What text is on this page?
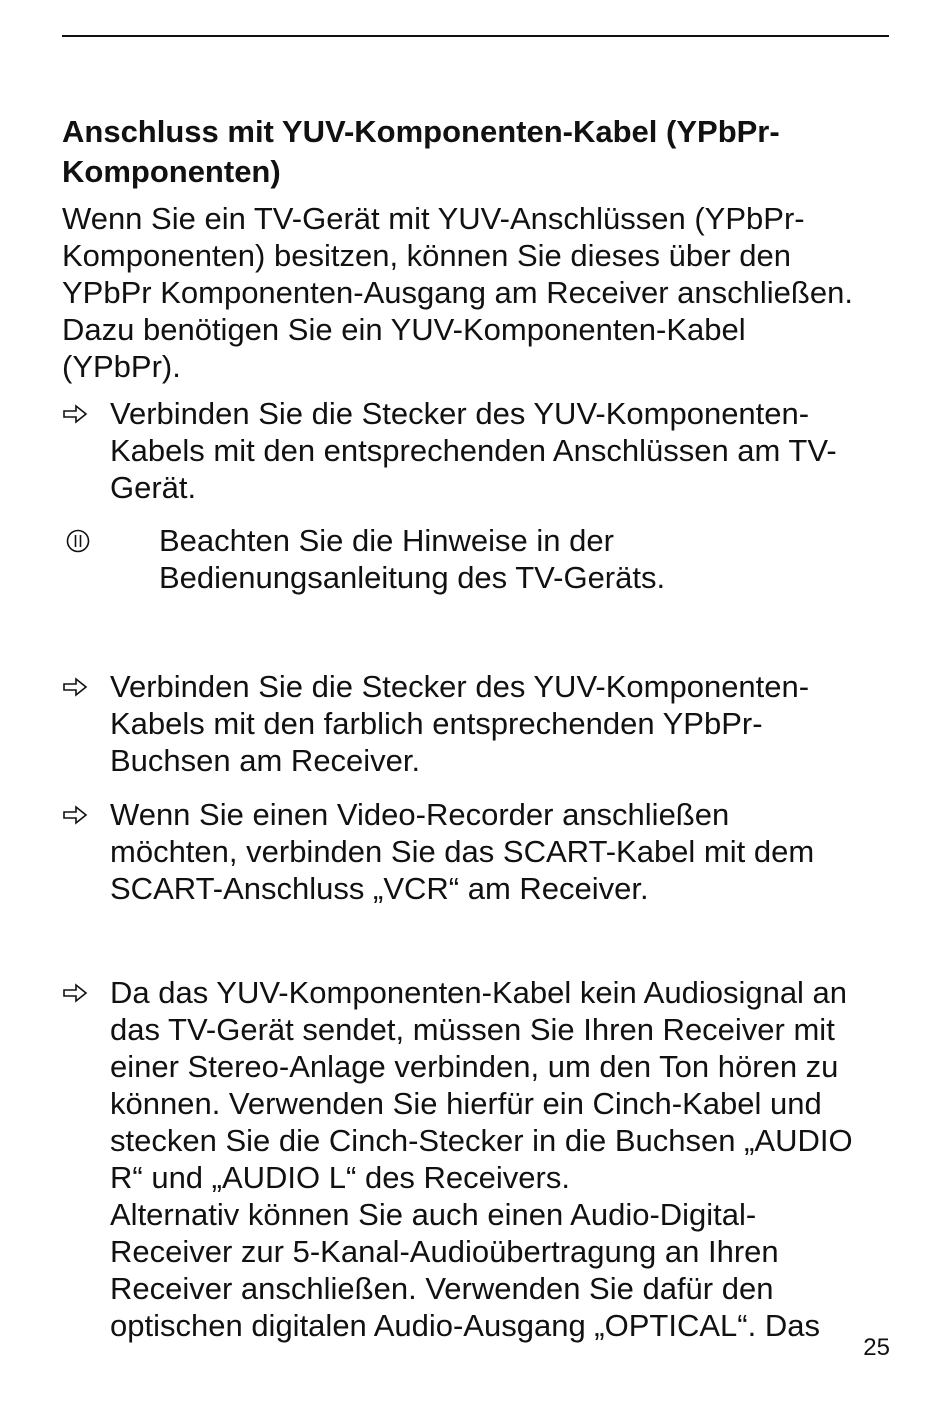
Anschluss mit YUV-Komponenten-Kabel (YPbPr-
Komponenten)

Wenn Sie ein TV-Gerät mit YUV-Anschlüssen (YPbPr-
Komponenten) besitzen, können Sie dieses über den
YPbPr Komponenten-Ausgang am Receiver anschließen.
Dazu benötigen Sie ein YUV-Komponenten-Kabel
(YPbPr).

Verbinden Sie die Stecker des YUV-Komponenten-
Kabels mit den entsprechenden Anschlüssen am TV-
Gerät.
Beachten Sie die Hinweise in der
Bedienungsanleitung des TV-Geräts.
Verbinden Sie die Stecker des YUV-Komponenten-
Kabels mit den farblich entsprechenden YPbPr-
Buchsen am Receiver.
Wenn Sie einen Video-Recorder anschließen
möchten, verbinden Sie das SCART-Kabel mit dem
SCART-Anschluss „VCR“ am Receiver.
Da das YUV-Komponenten-Kabel kein Audiosignal an
das TV-Gerät sendet, müssen Sie Ihren Receiver mit
einer Stereo-Anlage verbinden, um den Ton hören zu
können. Verwenden Sie hierfür ein Cinch-Kabel und
stecken Sie die Cinch-Stecker in die Buchsen „AUDIO
R“ und „AUDIO L“ des Receivers.
Alternativ können Sie auch einen Audio-Digital-
Receiver zur 5-Kanal-Audioübertragung an Ihren
Receiver anschließen. Verwenden Sie dafür den
optischen digitalen Audio-Ausgang „OPTICAL“. Das
25
